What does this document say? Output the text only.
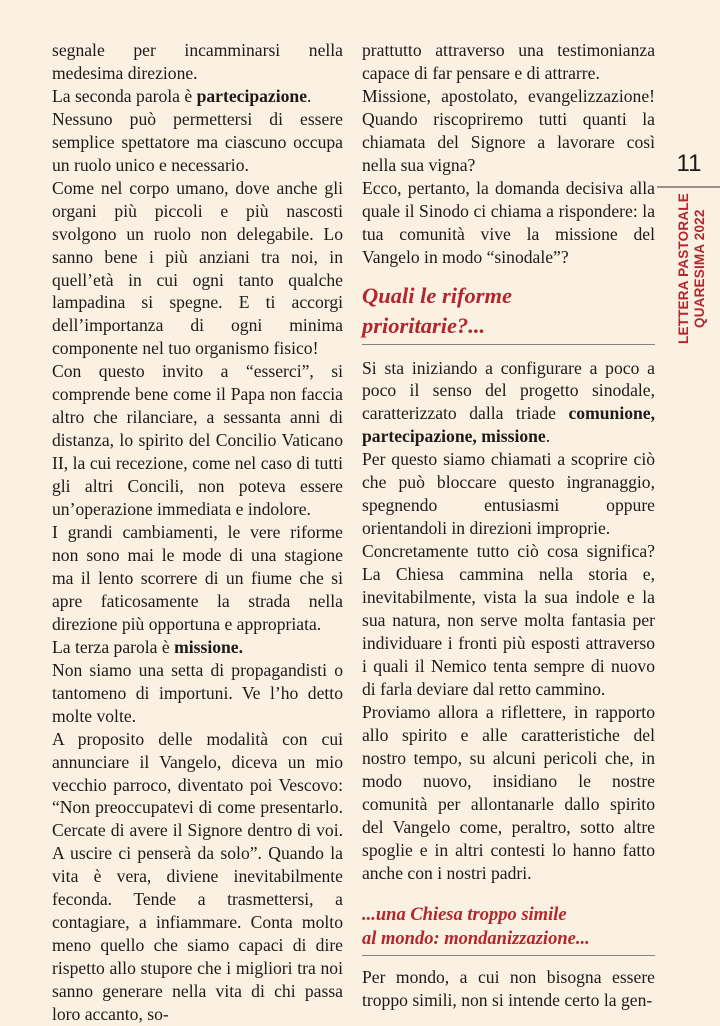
segnale per incamminarsi nella medesima direzione.

La seconda parola è partecipazione.

Nessuno può permettersi di essere semplice spettatore ma ciascuno occupa un ruolo unico e necessario.

Come nel corpo umano, dove anche gli organi più piccoli e più nascosti svolgono un ruolo non delegabile. Lo sanno bene i più anziani tra noi, in quell’età in cui ogni tanto qualche lampadina si spegne. E ti accorgi dell’importanza di ogni minima componente nel tuo organismo fisico!

Con questo invito a “esserci”, si comprende bene come il Papa non faccia altro che rilanciare, a sessanta anni di distanza, lo spirito del Concilio Vaticano II, la cui recezione, come nel caso di tutti gli altri Concili, non poteva essere un’operazione immediata e indolore.

I grandi cambiamenti, le vere riforme non sono mai le mode di una stagione ma il lento scorrere di un fiume che si apre faticosamente la strada nella direzione più opportuna e appropriata.

La terza parola è missione.

Non siamo una setta di propagandisti o tantomeno di importuni. Ve l’ho detto molte volte.

A proposito delle modalità con cui annunciare il Vangelo, diceva un mio vecchio parroco, diventato poi Vescovo: “Non preoccupatevi di come presentarlo. Cercate di avere il Signore dentro di voi. A uscire ci penserà da solo”. Quando la vita è vera, diviene inevitabilmente feconda. Tende a trasmettersi, a contagiare, a infiammare. Conta molto meno quello che siamo capaci di dire rispetto allo stupore che i migliori tra noi sanno generare nella vita di chi passa loro accanto, so-

prattutto attraverso una testimonianza capace di far pensare e di attrarre.

Missione, apostolato, evangelizzazione! Quando riscopriremo tutti quanti la chiamata del Signore a lavorare così nella sua vigna?

Ecco, pertanto, la domanda decisiva alla quale il Sinodo ci chiama a rispondere: la tua comunità vive la missione del Vangelo in modo “sinodale”?

Quali le riforme
prioritarie?...

Si sta iniziando a configurare a poco a poco il senso del progetto sinodale, caratterizzato dalla triade comunione, partecipazione, missione.

Per questo siamo chiamati a scoprire ciò che può bloccare questo ingranaggio, spegnendo entusiasmi oppure orientandoli in direzioni improprie.

Concretamente tutto ciò cosa significa? La Chiesa cammina nella storia e, inevitabilmente, vista la sua indole e la sua natura, non serve molta fantasia per individuare i fronti più esposti attraverso i quali il Nemico tenta sempre di nuovo di farla deviare dal retto cammino.

Proviamo allora a riflettere, in rapporto allo spirito e alle caratteristiche del nostro tempo, su alcuni pericoli che, in modo nuovo, insidiano le nostre comunità per allontanarle dallo spirito del Vangelo come, peraltro, sotto altre spoglie e in altri contesti lo hanno fatto anche con i nostri padri.

...una Chiesa troppo simile
al mondo: mondanizzazione...

Per mondo, a cui non bisogna essere troppo simili, non si intende certo la gen-

11
LETTERA PASTORALE QUARESIMA 2022
